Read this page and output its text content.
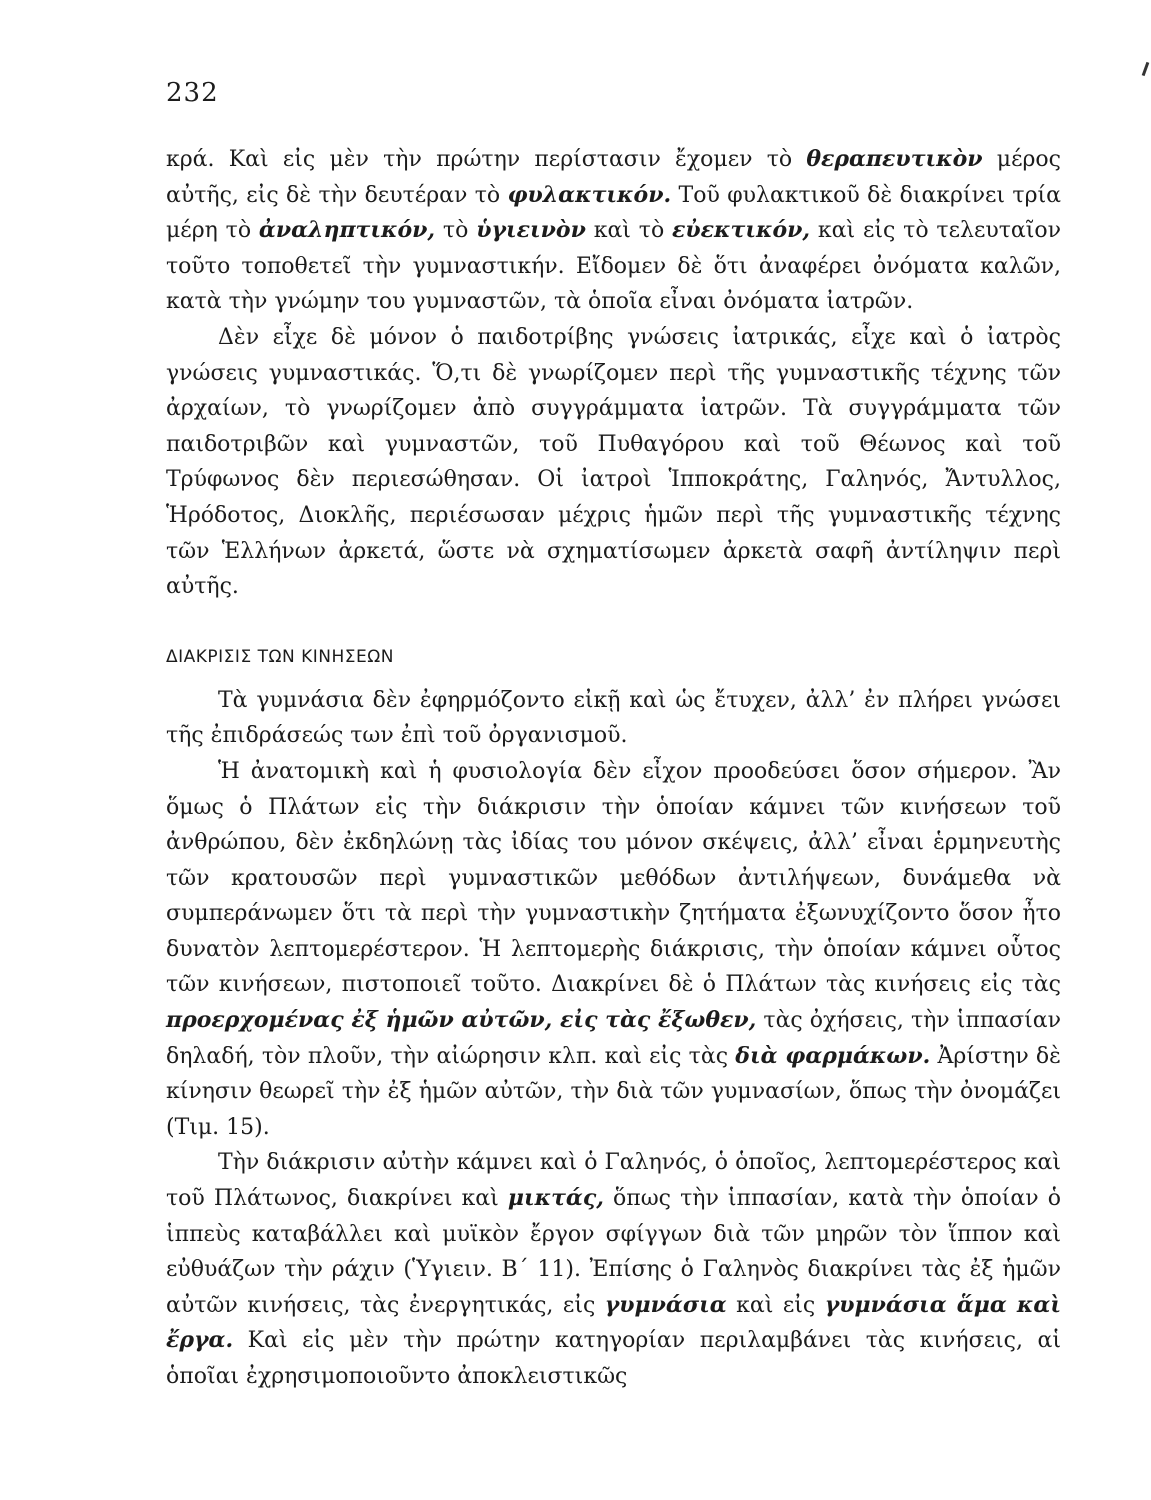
232

κρά. Καὶ εἰς μὲν τὴν πρώτην περίστασιν ἔχομεν τὸ θεραπευτικὸν μέρος αὐτῆς, εἰς δὲ τὴν δευτέραν τὸ φυλακτικόν. Τοῦ φυλακτικοῦ δὲ διακρίνει τρία μέρη τὸ ἀναληπτικόν, τὸ ὑγιεινὸν καὶ τὸ εὐεκτικόν, καὶ εἰς τὸ τελευταῖον τοῦτο τοποθετεῖ τὴν γυμναστικήν. Εἴδομεν δὲ ὅτι ἀναφέρει ὀνόματα καλῶν, κατὰ τὴν γνώμην του γυμναστῶν, τὰ ὁποῖα εἶναι ὀνόματα ἰατρῶν.

Δὲν εἶχε δὲ μόνον ὁ παιδοτρίβης γνώσεις ἰατρικάς, εἶχε καὶ ὁ ἰατρὸς γνώσεις γυμναστικάς. Ὅ,τι δὲ γνωρίζομεν περὶ τῆς γυμναστικῆς τέχνης τῶν ἀρχαίων, τὸ γνωρίζομεν ἀπὸ συγγράμματα ἰατρῶν. Τὰ συγγράμματα τῶν παιδοτριβῶν καὶ γυμναστῶν, τοῦ Πυθαγόρου καὶ τοῦ Θέωνος καὶ τοῦ Τρύφωνος δὲν περιεσώθησαν. Οἱ ἰατροὶ Ἱπποκράτης, Γαληνός, Ἄντυλλος, Ἡρόδοτος, Διοκλῆς, περιέσωσαν μέχρις ἡμῶν περὶ τῆς γυμναστικῆς τέχνης τῶν Ἑλλήνων ἀρκετά, ὥστε νὰ σχηματίσωμεν ἀρκετὰ σαφῆ ἀντίληψιν περὶ αὐτῆς.

ΔΙΑΚΡΙΣΙΣ ΤΩΝ ΚΙΝΗΣΕΩΝ

Τὰ γυμνάσια δὲν ἐφηρμόζοντο εἰκῇ καὶ ὡς ἔτυχεν, ἀλλ’ ἐν πλήρει γνώσει τῆς ἐπιδράσεώς των ἐπὶ τοῦ ὀργανισμοῦ.

Ἡ ἀνατομικὴ καὶ ἡ φυσιολογία δὲν εἶχον προοδεύσει ὅσον σήμερον. Ἂν ὅμως ὁ Πλάτων εἰς τὴν διάκρισιν τὴν ὁποίαν κάμνει τῶν κινήσεων τοῦ ἀνθρώπου, δὲν ἐκδηλώνῃ τὰς ἰδίας του μόνον σκέψεις, ἀλλ’ εἶναι ἑρμηνευτὴς τῶν κρατουσῶν περὶ γυμναστικῶν μεθόδων ἀντιλήψεων, δυνάμεθα νὰ συμπεράνωμεν ὅτι τὰ περὶ τὴν γυμναστικὴν ζητήματα ἐξωνυχίζοντο ὅσον ἦτο δυνατὸν λεπτομερέστερον. Ἡ λεπτομερὴς διάκρισις, τὴν ὁποίαν κάμνει οὗτος τῶν κινήσεων, πιστοποιεῖ τοῦτο. Διακρίνει δὲ ὁ Πλάτων τὰς κινήσεις εἰς τὰς προερχομένας ἐξ ἡμῶν αὐτῶν, εἰς τὰς ἔξωθεν, τὰς ὀχήσεις, τὴν ἱππασίαν δηλαδή, τὸν πλοῦν, τὴν αἰώρησιν κλπ. καὶ εἰς τὰς διὰ φαρμάκων. Ἀρίστην δὲ κίνησιν θεωρεῖ τὴν ἐξ ἡμῶν αὐτῶν, τὴν διὰ τῶν γυμνασίων, ὅπως τὴν ὀνομάζει (Τιμ. 15).

Τὴν διάκρισιν αὐτὴν κάμνει καὶ ὁ Γαληνός, ὁ ὁποῖος, λεπτομερέστερος καὶ τοῦ Πλάτωνος, διακρίνει καὶ μικτάς, ὅπως τὴν ἱππασίαν, κατὰ τὴν ὁποίαν ὁ ἱππεὺς καταβάλλει καὶ μυϊκὸν ἔργον σφίγγων διὰ τῶν μηρῶν τὸν ἵππον καὶ εὐθυάζων τὴν ράχιν (Ὑγιειν. Β΄ 11). Ἐπίσης ὁ Γαληνὸς διακρίνει τὰς ἐξ ἡμῶν αὐτῶν κινήσεις, τὰς ἐνεργητικάς, εἰς γυμνάσια καὶ εἰς γυμνάσια ἅμα καὶ ἔργα. Καὶ εἰς μὲν τὴν πρώτην κατηγορίαν περιλαμβάνει τὰς κινήσεις, αἱ ὁποῖαι ἐχρησιμοποιοῦντο ἀποκλειστικῶς
